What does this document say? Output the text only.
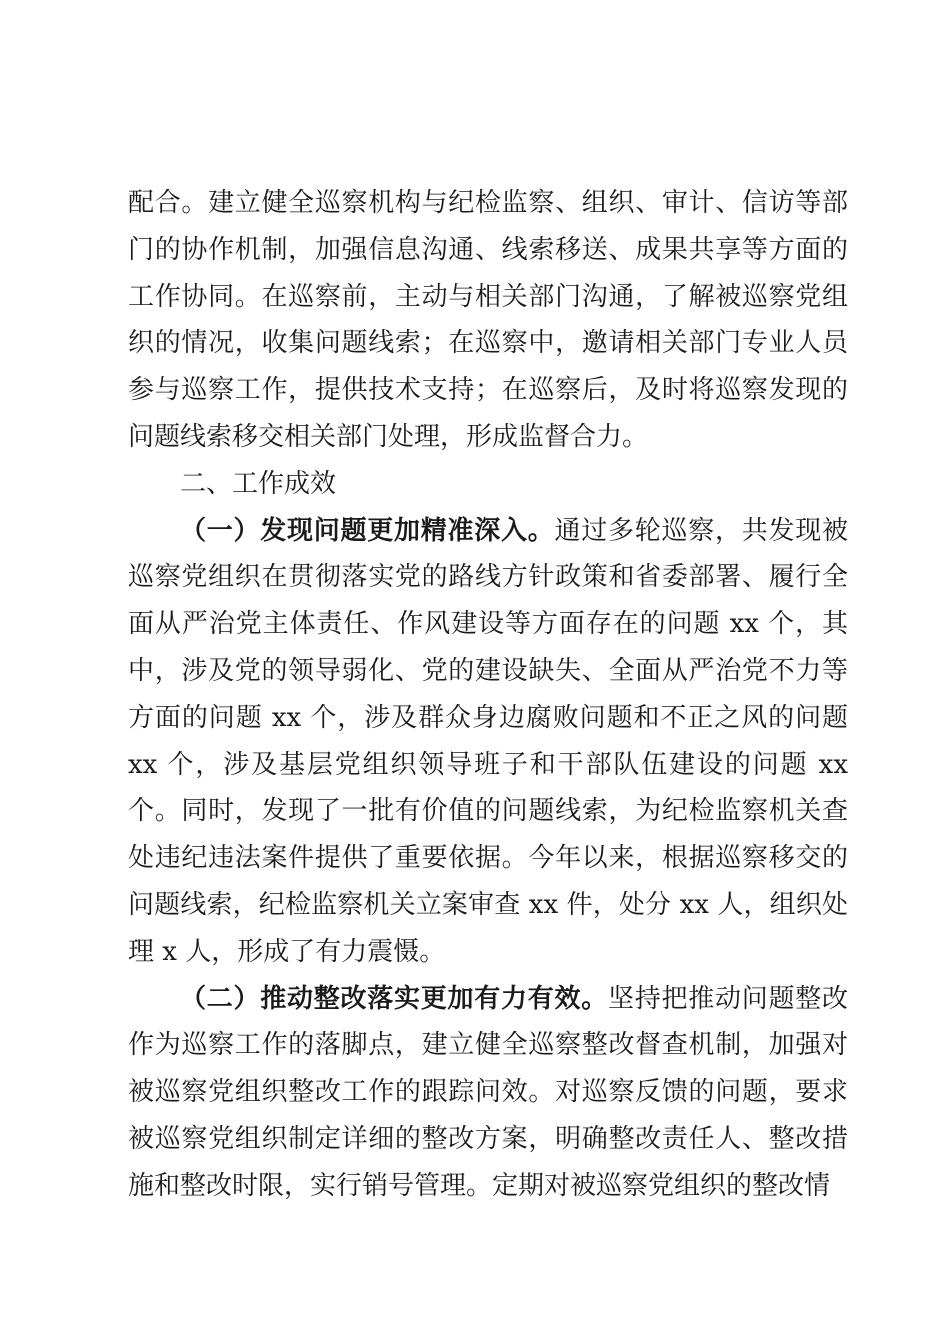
配合。建立健全巡察机构与纪检监察、组织、审计、信访等部门的协作机制，加强信息沟通、线索移送、成果共享等方面的工作协同。在巡察前，主动与相关部门沟通，了解被巡察党组织的情况，收集问题线索；在巡察中，邀请相关部门专业人员参与巡察工作，提供技术支持；在巡察后，及时将巡察发现的问题线索移交相关部门处理，形成监督合力。

二、工作成效

（一）发现问题更加精准深入。通过多轮巡察，共发现被巡察党组织在贯彻落实党的路线方针政策和省委部署、履行全面从严治党主体责任、作风建设等方面存在的问题 xx 个，其中，涉及党的领导弱化、党的建设缺失、全面从严治党不力等方面的问题 xx 个，涉及群众身边腐败问题和不正之风的问题 xx 个，涉及基层党组织领导班子和干部队伍建设的问题 xx 个。同时，发现了一批有价值的问题线索，为纪检监察机关查处违纪违法案件提供了重要依据。今年以来，根据巡察移交的问题线索，纪检监察机关立案审查 xx 件，处分 xx 人，组织处理 x 人，形成了有力震慑。

（二）推动整改落实更加有力有效。坚持把推动问题整改作为巡察工作的落脚点，建立健全巡察整改督查机制，加强对被巡察党组织整改工作的跟踪问效。对巡察反馈的问题，要求被巡察党组织制定详细的整改方案，明确整改责任人、整改措施和整改时限，实行销号管理。定期对被巡察党组织的整改情
